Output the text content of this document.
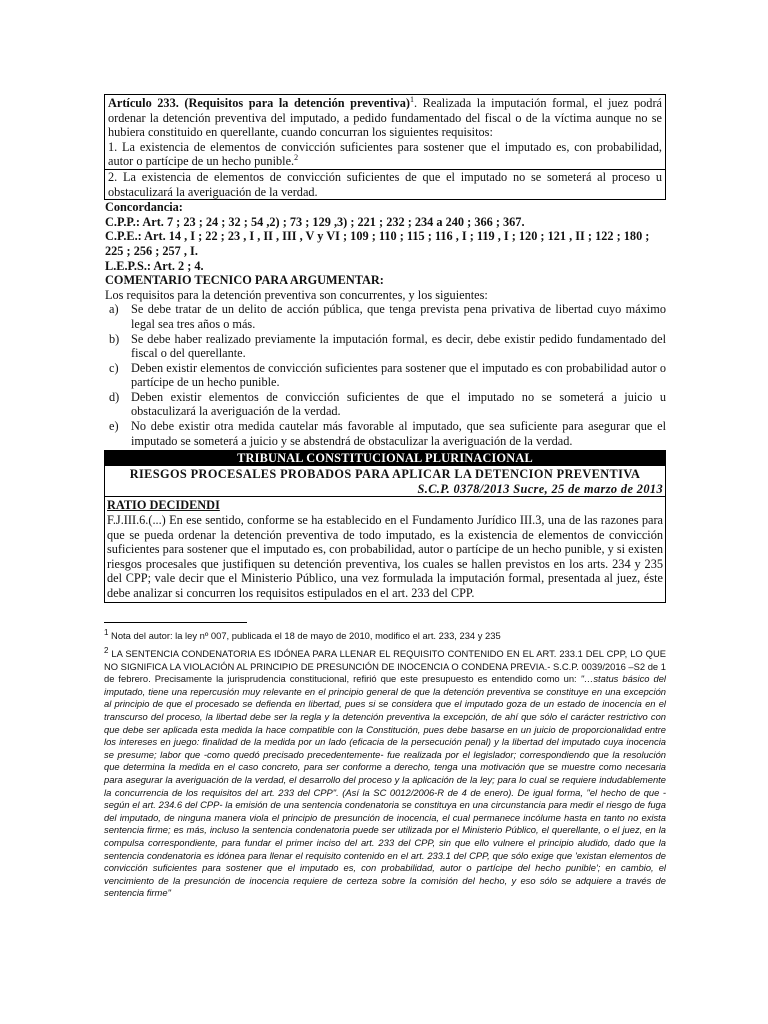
Artículo 233. (Requisitos para la detención preventiva)$^1$. Realizada la imputación formal, el juez podrá ordenar la detención preventiva del imputado, a pedido fundamentado del fiscal o de la víctima aunque no se hubiera constituido en querellante, cuando concurran los siguientes requisitos:

1. La existencia de elementos de convicción suficientes para sostener que el imputado es, con probabilidad, autor o partícipe de un hecho punible.$^2$

2. La existencia de elementos de convicción suficientes de que el imputado no se someterá al proceso u obstaculizará la averiguación de la verdad.

Concordancia:

C.P.P.: Art. 7 ; 23 ; 24 ; 32 ; 54 ,2) ; 73 ; 129 ,3) ; 221 ; 232 ; 234 a 240 ; 366 ; 367.

C.P.E.: Art. 14 , I ; 22 ; 23 , I , II , III , V y VI ; 109 ; 110 ; 115 ; 116 , I ; 119 , I ; 120 ; 121 , II ; 122 ; 180 ; 225 ; 256 ; 257 , I.

L.E.P.S.: Art. 2 ; 4.

COMENTARIO TECNICO PARA ARGUMENTAR:

Los requisitos para la detención preventiva son concurrentes, y los siguientes:

a) Se debe tratar de un delito de acción pública, que tenga prevista pena privativa de libertad cuyo máximo legal sea tres años o más.
b) Se debe haber realizado previamente la imputación formal, es decir, debe existir pedido fundamentado del fiscal o del querellante.
c) Deben existir elementos de convicción suficientes para sostener que el imputado es con probabilidad autor o partícipe de un hecho punible.
d) Deben existir elementos de convicción suficientes de que el imputado no se someterá a juicio u obstaculizará la averiguación de la verdad.
e) No debe existir otra medida cautelar más favorable al imputado, que sea suficiente para asegurar que el imputado se someterá a juicio y se abstendrá de obstaculizar la averiguación de la verdad.
TRIBUNAL CONSTITUCIONAL PLURINACIONAL
RIESGOS PROCESALES PROBADOS PARA APLICAR LA DETENCION PREVENTIVA
S.C.P. 0378/2013 Sucre, 25 de marzo de 2013
RATIO DECIDENDI
F.J.III.6.(...) En ese sentido, conforme se ha establecido en el Fundamento Jurídico III.3, una de las razones para que se pueda ordenar la detención preventiva de todo imputado, es la existencia de elementos de convicción suficientes para sostener que el imputado es, con probabilidad, autor o partícipe de un hecho punible, y si existen riesgos procesales que justifiquen su detención preventiva, los cuales se hallen previstos en los arts. 234 y 235 del CPP; vale decir que el Ministerio Público, una vez formulada la imputación formal, presentada al juez, éste debe analizar si concurren los requisitos estipulados en el art. 233 del CPP.

$^1$ Nota del autor: la ley nº 007, publicada el 18 de mayo de 2010, modifico el art. 233, 234 y 235

$^2$ LA SENTENCIA CONDENATORIA ES IDÓNEA PARA LLENAR EL REQUISITO CONTENIDO EN EL ART. 233.1 DEL CPP, LO QUE NO SIGNIFICA LA VIOLACIÓN AL PRINCIPIO DE PRESUNCIÓN DE INOCENCIA O CONDENA PREVIA.- S.C.P. 0039/2016 –S2 de 1 de febrero. Precisamente la jurisprudencia constitucional, refirió que este presupuesto es entendido como un: "…status básico del imputado, tiene una repercusión muy relevante en el principio general de que la detención preventiva se constituye en una excepción al principio de que el procesado se defienda en libertad, pues si se considera que el imputado goza de un estado de inocencia en el transcurso del proceso, la libertad debe ser la regla y la detención preventiva la excepción, de ahí que sólo el carácter restrictivo con que debe ser aplicada esta medida la hace compatible con la Constitución, pues debe basarse en un juicio de proporcionalidad entre los intereses en juego: finalidad de la medida por un lado (eficacia de la persecución penal) y la libertad del imputado cuya inocencia se presume; labor que -como quedó precisado precedentemente- fue realizada por el legislador; correspondiendo que la resolución que determina la medida en el caso concreto, para ser conforme a derecho, tenga una motivación que se muestre como necesaria para asegurar la averiguación de la verdad, el desarrollo del proceso y la aplicación de la ley; para lo cual se requiere indudablemente la concurrencia de los requisitos del art. 233 del CPP". (Así la SC 0012/2006-R de 4 de enero). De igual forma, "el hecho de que -según el art. 234.6 del CPP- la emisión de una sentencia condenatoria se constituya en una circunstancia para medir el riesgo de fuga del imputado, de ninguna manera viola el principio de presunción de inocencia, el cual permanece incólume hasta en tanto no exista sentencia firme; es más, incluso la sentencia condenatoria puede ser utilizada por el Ministerio Público, el querellante, o el juez, en la compulsa correspondiente, para fundar el primer inciso del art. 233 del CPP, sin que ello vulnere el principio aludido, dado que la sentencia condenatoria es idónea para llenar el requisito contenido en el art. 233.1 del CPP, que sólo exige que 'existan elementos de convicción suficientes para sostener que el imputado es, con probabilidad, autor o partícipe del hecho punible'; en cambio, el vencimiento de la presunción de inocencia requiere de certeza sobre la comisión del hecho, y eso sólo se adquiere a través de sentencia firme"
